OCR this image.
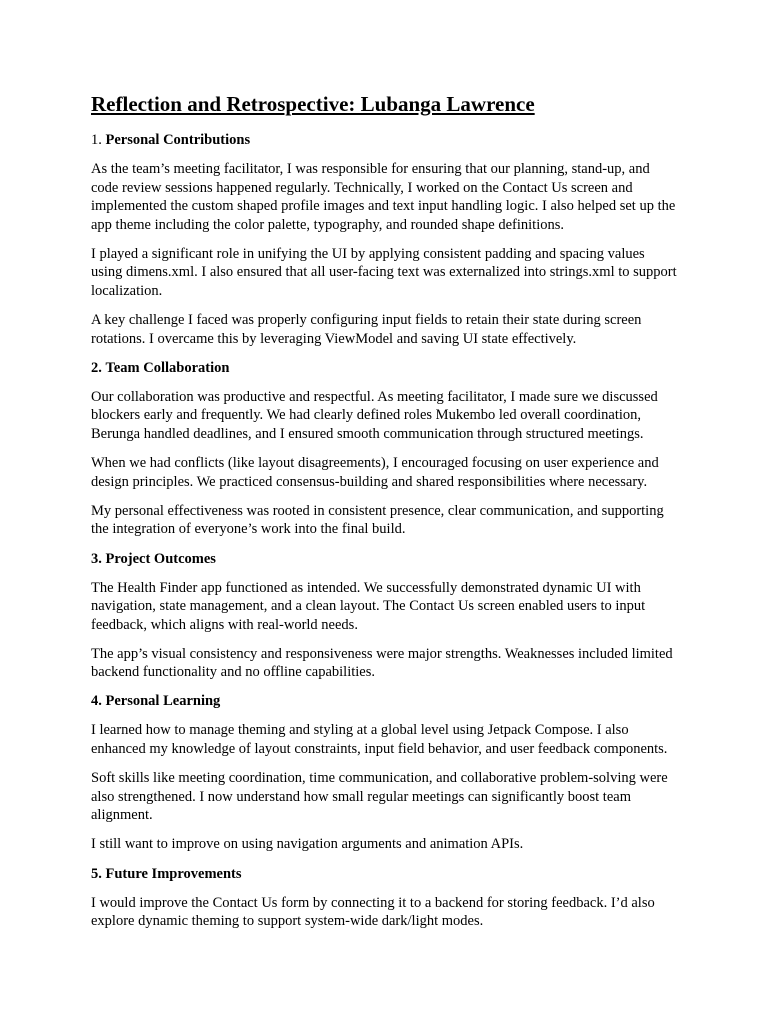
Reflection and Retrospective: Lubanga Lawrence

1. Personal Contributions

As the team’s meeting facilitator, I was responsible for ensuring that our planning, stand-up, and code review sessions happened regularly. Technically, I worked on the Contact Us screen and implemented the custom shaped profile images and text input handling logic. I also helped set up the app theme including the color palette, typography, and rounded shape definitions.

I played a significant role in unifying the UI by applying consistent padding and spacing values using dimens.xml. I also ensured that all user-facing text was externalized into strings.xml to support localization.

A key challenge I faced was properly configuring input fields to retain their state during screen rotations. I overcame this by leveraging ViewModel and saving UI state effectively.

2. Team Collaboration

Our collaboration was productive and respectful. As meeting facilitator, I made sure we discussed blockers early and frequently. We had clearly defined roles Mukembo led overall coordination, Berunga handled deadlines, and I ensured smooth communication through structured meetings.

When we had conflicts (like layout disagreements), I encouraged focusing on user experience and design principles. We practiced consensus-building and shared responsibilities where necessary.

My personal effectiveness was rooted in consistent presence, clear communication, and supporting the integration of everyone’s work into the final build.

3. Project Outcomes

The Health Finder app functioned as intended. We successfully demonstrated dynamic UI with navigation, state management, and a clean layout. The Contact Us screen enabled users to input feedback, which aligns with real-world needs.

The app’s visual consistency and responsiveness were major strengths. Weaknesses included limited backend functionality and no offline capabilities.

4. Personal Learning

I learned how to manage theming and styling at a global level using Jetpack Compose. I also enhanced my knowledge of layout constraints, input field behavior, and user feedback components.

Soft skills like meeting coordination, time communication, and collaborative problem-solving were also strengthened. I now understand how small regular meetings can significantly boost team alignment.

I still want to improve on using navigation arguments and animation APIs.

5. Future Improvements

I would improve the Contact Us form by connecting it to a backend for storing feedback. I’d also explore dynamic theming to support system-wide dark/light modes.
